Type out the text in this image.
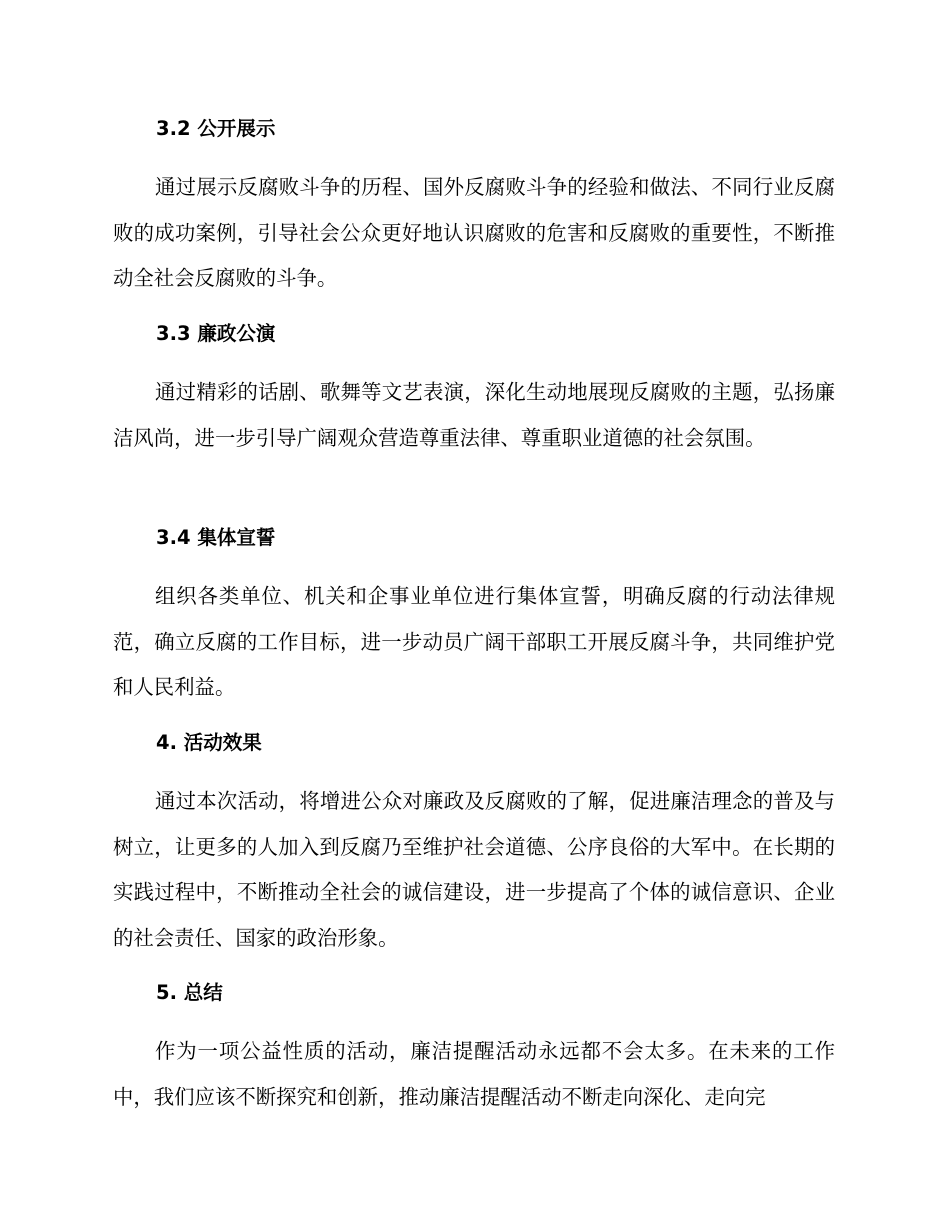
3.2 公开展示

通过展示反腐败斗争的历程、国外反腐败斗争的经验和做法、不同行业反腐败的成功案例，引导社会公众更好地认识腐败的危害和反腐败的重要性，不断推动全社会反腐败的斗争。

3.3 廉政公演

通过精彩的话剧、歌舞等文艺表演，深化生动地展现反腐败的主题，弘扬廉洁风尚，进一步引导广阔观众营造尊重法律、尊重职业道德的社会氛围。

3.4 集体宣誓

组织各类单位、机关和企事业单位进行集体宣誓，明确反腐的行动法律规范，确立反腐的工作目标，进一步动员广阔干部职工开展反腐斗争，共同维护党和人民利益。

4. 活动效果

通过本次活动，将增进公众对廉政及反腐败的了解，促进廉洁理念的普及与树立，让更多的人加入到反腐乃至维护社会道德、公序良俗的大军中。在长期的实践过程中，不断推动全社会的诚信建设，进一步提高了个体的诚信意识、企业的社会责任、国家的政治形象。

5. 总结

作为一项公益性质的活动，廉洁提醒活动永远都不会太多。在未来的工作中，我们应该不断探究和创新，推动廉洁提醒活动不断走向深化、走向完
